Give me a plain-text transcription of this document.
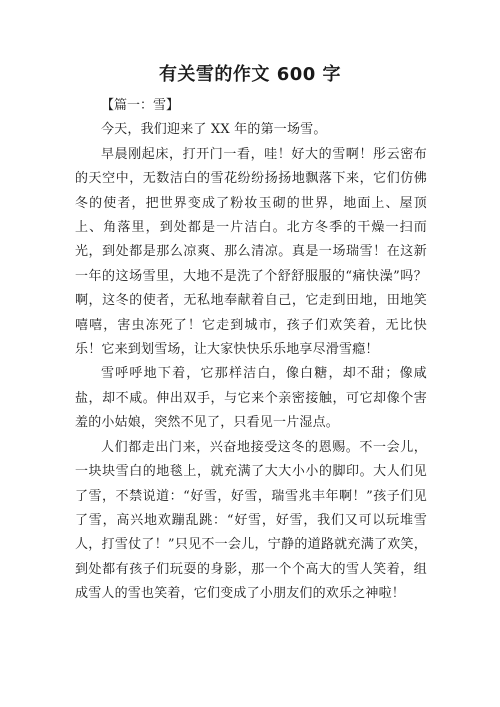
有关雪的作文 600 字

【篇一：雪】

今天，我们迎来了 XX 年的第一场雪。

早晨刚起床，打开门一看，哇！好大的雪啊！彤云密布的天空中，无数洁白的雪花纷纷扬扬地飘落下来，它们仿佛冬的使者，把世界变成了粉妆玉砌的世界，地面上、屋顶上、角落里，到处都是一片洁白。北方冬季的干燥一扫而光，到处都是那么凉爽、那么清凉。真是一场瑞雪！在这新一年的这场雪里，大地不是洗了个舒舒服服的“痛快澡”吗？啊，这冬的使者，无私地奉献着自己，它走到田地，田地笑嘻嘻，害虫冻死了！它走到城市，孩子们欢笑着，无比快乐！它来到划雪场，让大家快快乐乐地享尽滑雪瘾！

雪呼呼地下着，它那样洁白，像白糖，却不甜；像咸盐，却不咸。伸出双手，与它来个亲密接触，可它却像个害羞的小姑娘，突然不见了，只看见一片湿点。

人们都走出门来，兴奋地接受这冬的恩赐。不一会儿，一块块雪白的地毯上，就充满了大大小小的脚印。大人们见了雪，不禁说道：“好雪，好雪，瑞雪兆丰年啊！”孩子们见了雪，高兴地欢蹦乱跳：“好雪，好雪，我们又可以玩堆雪人，打雪仗了！”只见不一会儿，宁静的道路就充满了欢笑，到处都有孩子们玩耍的身影，那一个个高大的雪人笑着，组成雪人的雪也笑着，它们变成了小朋友们的欢乐之神啦！
